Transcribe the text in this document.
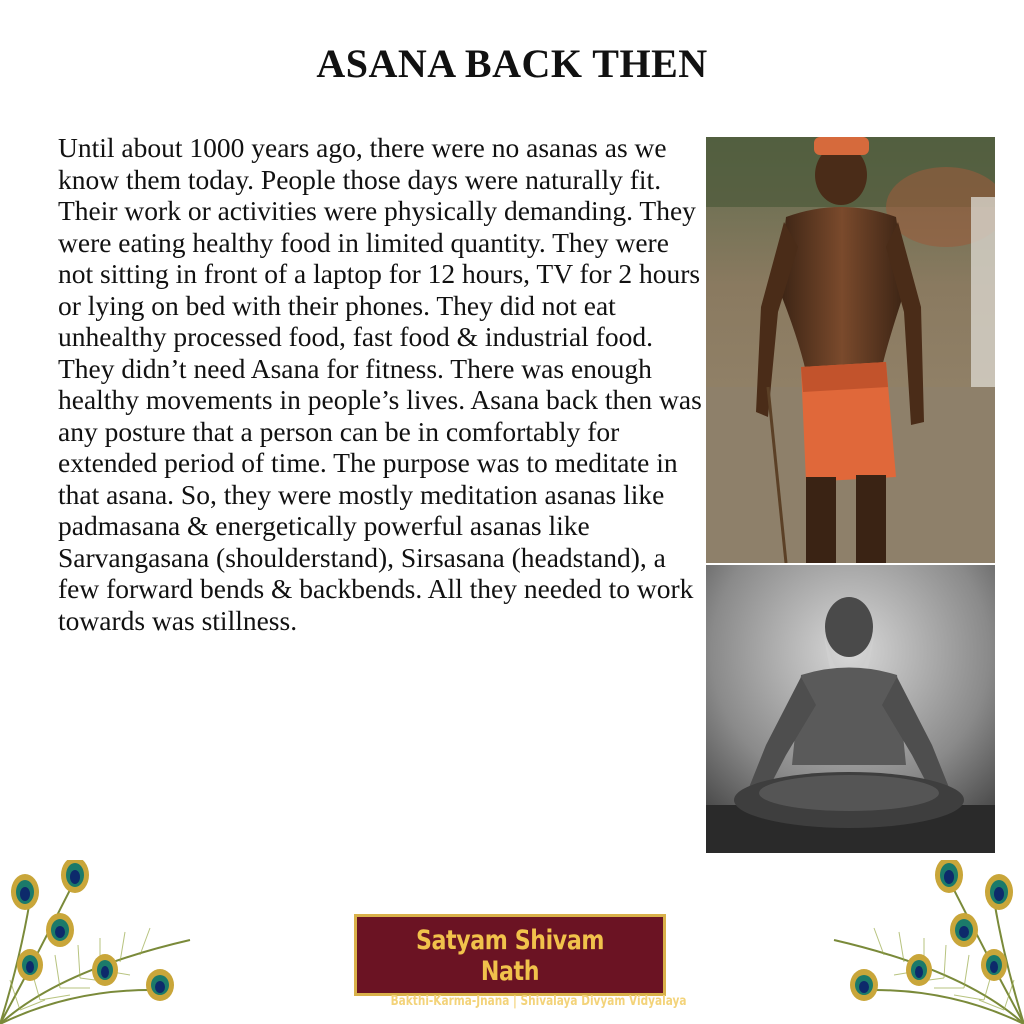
ASANA BACK THEN

Until about 1000 years ago, there were no asanas as we know them today. People those days were naturally fit. Their work or activities were physically demanding. They were eating healthy food in limited quantity. They were not sitting in front of a laptop for 12 hours, TV for 2 hours or lying on bed with their phones. They did not eat unhealthy processed food, fast food & industrial food. They didn’t need Asana for fitness. There was enough healthy movements in people’s lives. Asana back then was any posture that a person can be in comfortably for extended period of time. The purpose was to meditate in that asana. So, they were mostly meditation asanas like padmasana & energetically powerful asanas like Sarvangasana (shoulderstand), Sirsasana (headstand), a few forward bends & backbends. All they needed to work towards was stillness.

Satyam Shivam Nath
Bakthi-Karma-Jnana | Shivalaya Divyam Vidyalaya
